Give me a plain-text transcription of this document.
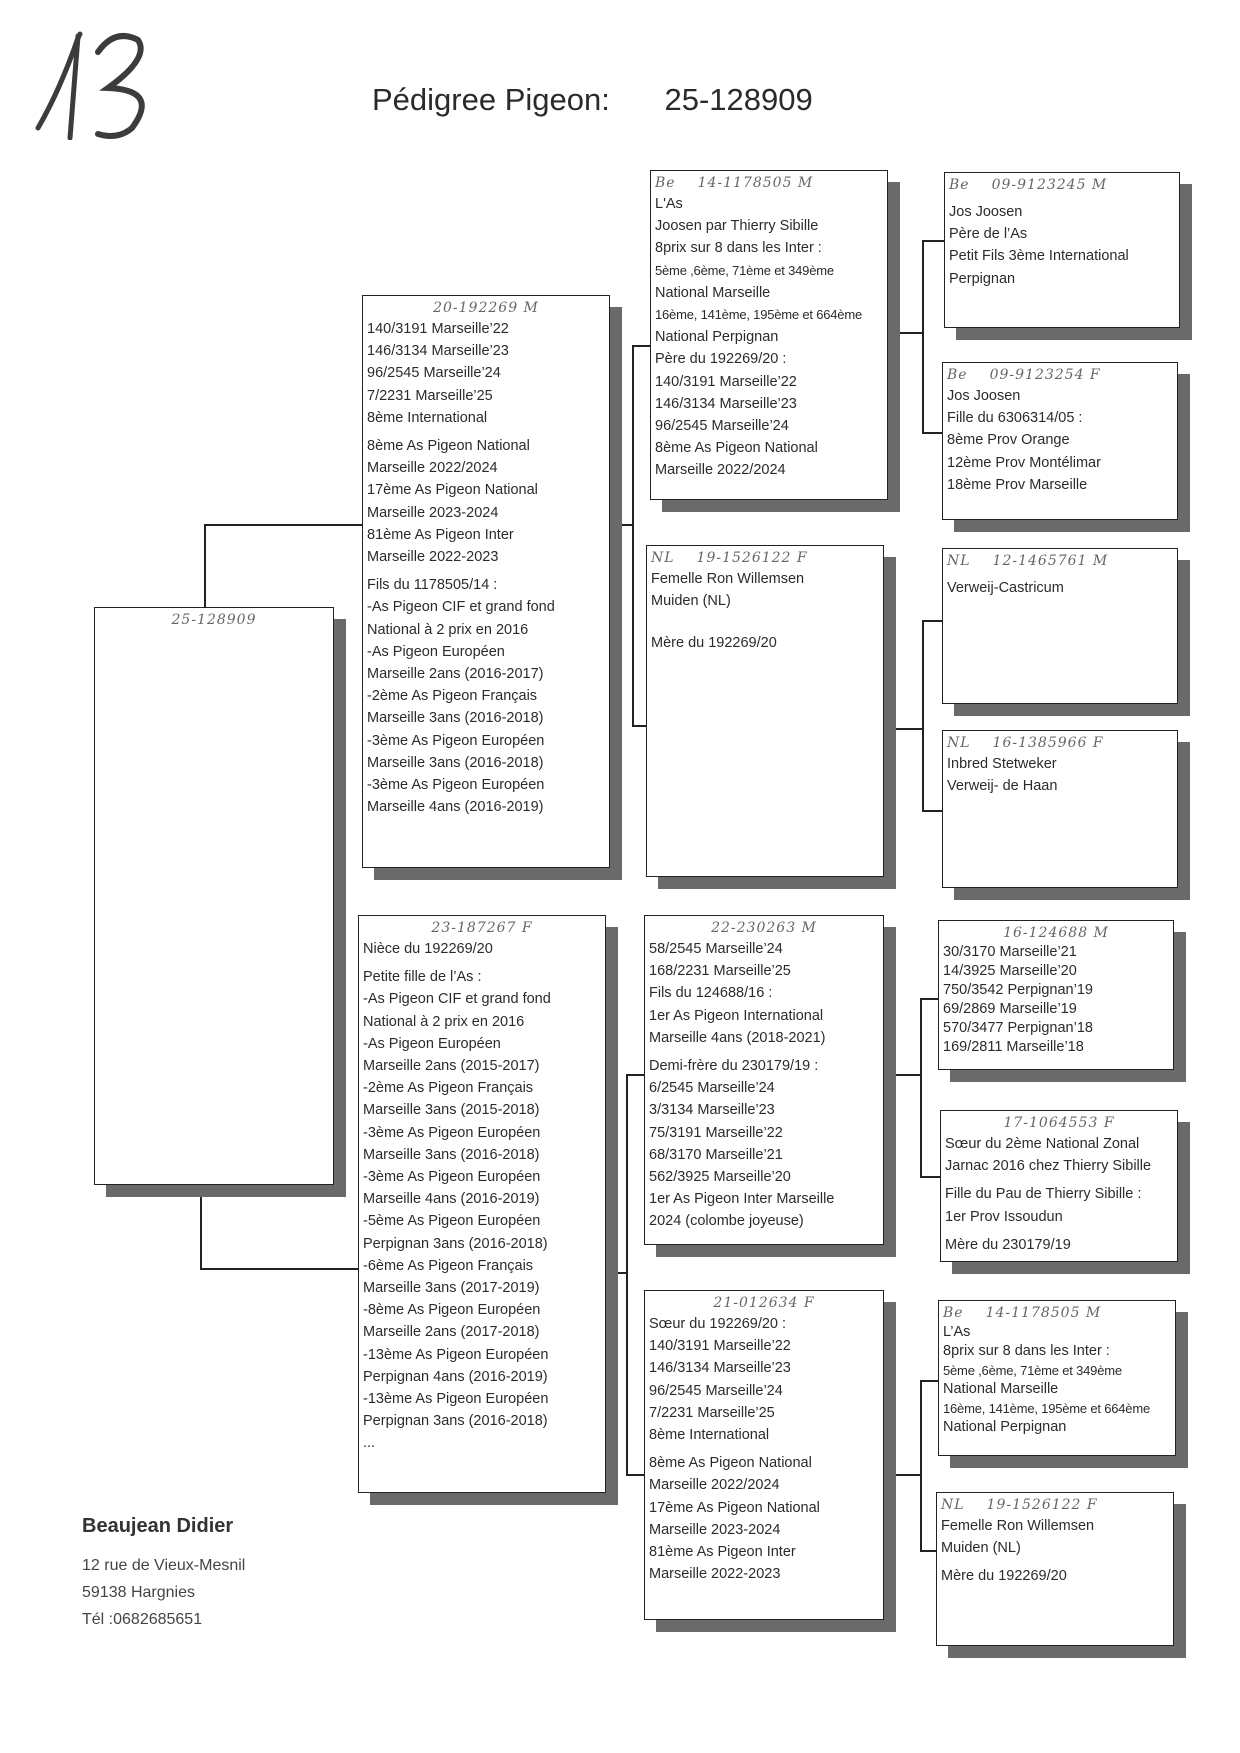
Pédigree Pigeon: 25-128909
25-128909
20-192269 M
140/3191 Marseille’22
146/3134 Marseille’23
96/2545 Marseille’24
7/2231 Marseille’25
8ème International
8ème As Pigeon National
Marseille 2022/2024
17ème As Pigeon National
Marseille 2023-2024
81ème As Pigeon Inter
Marseille 2022-2023
Fils du 1178505/14 :
-As Pigeon CIF et grand fond
National à 2 prix en 2016
-As Pigeon Européen
Marseille 2ans (2016-2017)
-2ème As Pigeon Français
Marseille 3ans (2016-2018)
-3ème As Pigeon Européen
Marseille 3ans (2016-2018)
-3ème As Pigeon Européen
Marseille 4ans (2016-2019)
23-187267 F
Nièce du 192269/20
Petite fille de l’As :
-As Pigeon CIF et grand fond
National à 2 prix en 2016
-As Pigeon Européen
Marseille 2ans (2015-2017)
-2ème As Pigeon Français
Marseille 3ans (2015-2018)
-3ème As Pigeon Européen
Marseille 3ans (2016-2018)
-3ème As Pigeon Européen
Marseille 4ans (2016-2019)
-5ème As Pigeon Européen
Perpignan 3ans (2016-2018)
-6ème As Pigeon Français
Marseille 3ans (2017-2019)
-8ème As Pigeon Européen
Marseille 2ans (2017-2018)
-13ème As Pigeon Européen
Perpignan 4ans (2016-2019)
-13ème As Pigeon Européen
Perpignan 3ans (2016-2018)
...
Be 14-1178505 M
L'As
Joosen par Thierry Sibille
8prix sur 8 dans les Inter :
5ème ,6ème, 71ème et 349ème
National Marseille
16ème, 141ème, 195ème et 664ème
National Perpignan
Père du 192269/20 :
140/3191 Marseille’22
146/3134 Marseille’23
96/2545 Marseille’24
8ème As Pigeon National
Marseille 2022/2024
NL 19-1526122 F
Femelle Ron Willemsen
Muiden (NL)
Mère du 192269/20
22-230263 M
58/2545 Marseille’24
168/2231 Marseille’25
Fils du 124688/16 :
1er As Pigeon International
Marseille 4ans (2018-2021)
Demi-frère du 230179/19 :
6/2545 Marseille’24
3/3134 Marseille’23
75/3191 Marseille’22
68/3170 Marseille’21
562/3925 Marseille’20
1er As Pigeon Inter Marseille
2024 (colombe joyeuse)
21-012634 F
Sœur du 192269/20 :
140/3191 Marseille’22
146/3134 Marseille’23
96/2545 Marseille’24
7/2231 Marseille’25
8ème International
8ème As Pigeon National
Marseille 2022/2024
17ème As Pigeon National
Marseille 2023-2024
81ème As Pigeon Inter
Marseille 2022-2023
Be 09-9123245 M
Jos Joosen
Père de l’As
Petit Fils 3ème International
Perpignan
Be 09-9123254 F
Jos Joosen
Fille du 6306314/05 :
8ème Prov Orange
12ème Prov Montélimar
18ème Prov Marseille
NL 12-1465761 M
Verweij-Castricum
NL 16-1385966 F
Inbred Stetweker
Verweij- de Haan
16-124688 M
30/3170 Marseille’21
14/3925 Marseille’20
750/3542 Perpignan’19
69/2869 Marseille’19
570/3477 Perpignan’18
169/2811 Marseille’18
17-1064553 F
Sœur du 2ème National Zonal
Jarnac 2016 chez Thierry Sibille
Fille du Pau de Thierry Sibille :
1er Prov Issoudun
Mère du 230179/19
Be 14-1178505 M
L’As
8prix sur 8 dans les Inter :
5ème ,6ème, 71ème et 349ème
National Marseille
16ème, 141ème, 195ème et 664ème
National Perpignan
NL 19-1526122 F
Femelle Ron Willemsen
Muiden (NL)
Mère du 192269/20
Beaujean Didier
12 rue de Vieux-Mesnil
59138 Hargnies
Tél :0682685651
